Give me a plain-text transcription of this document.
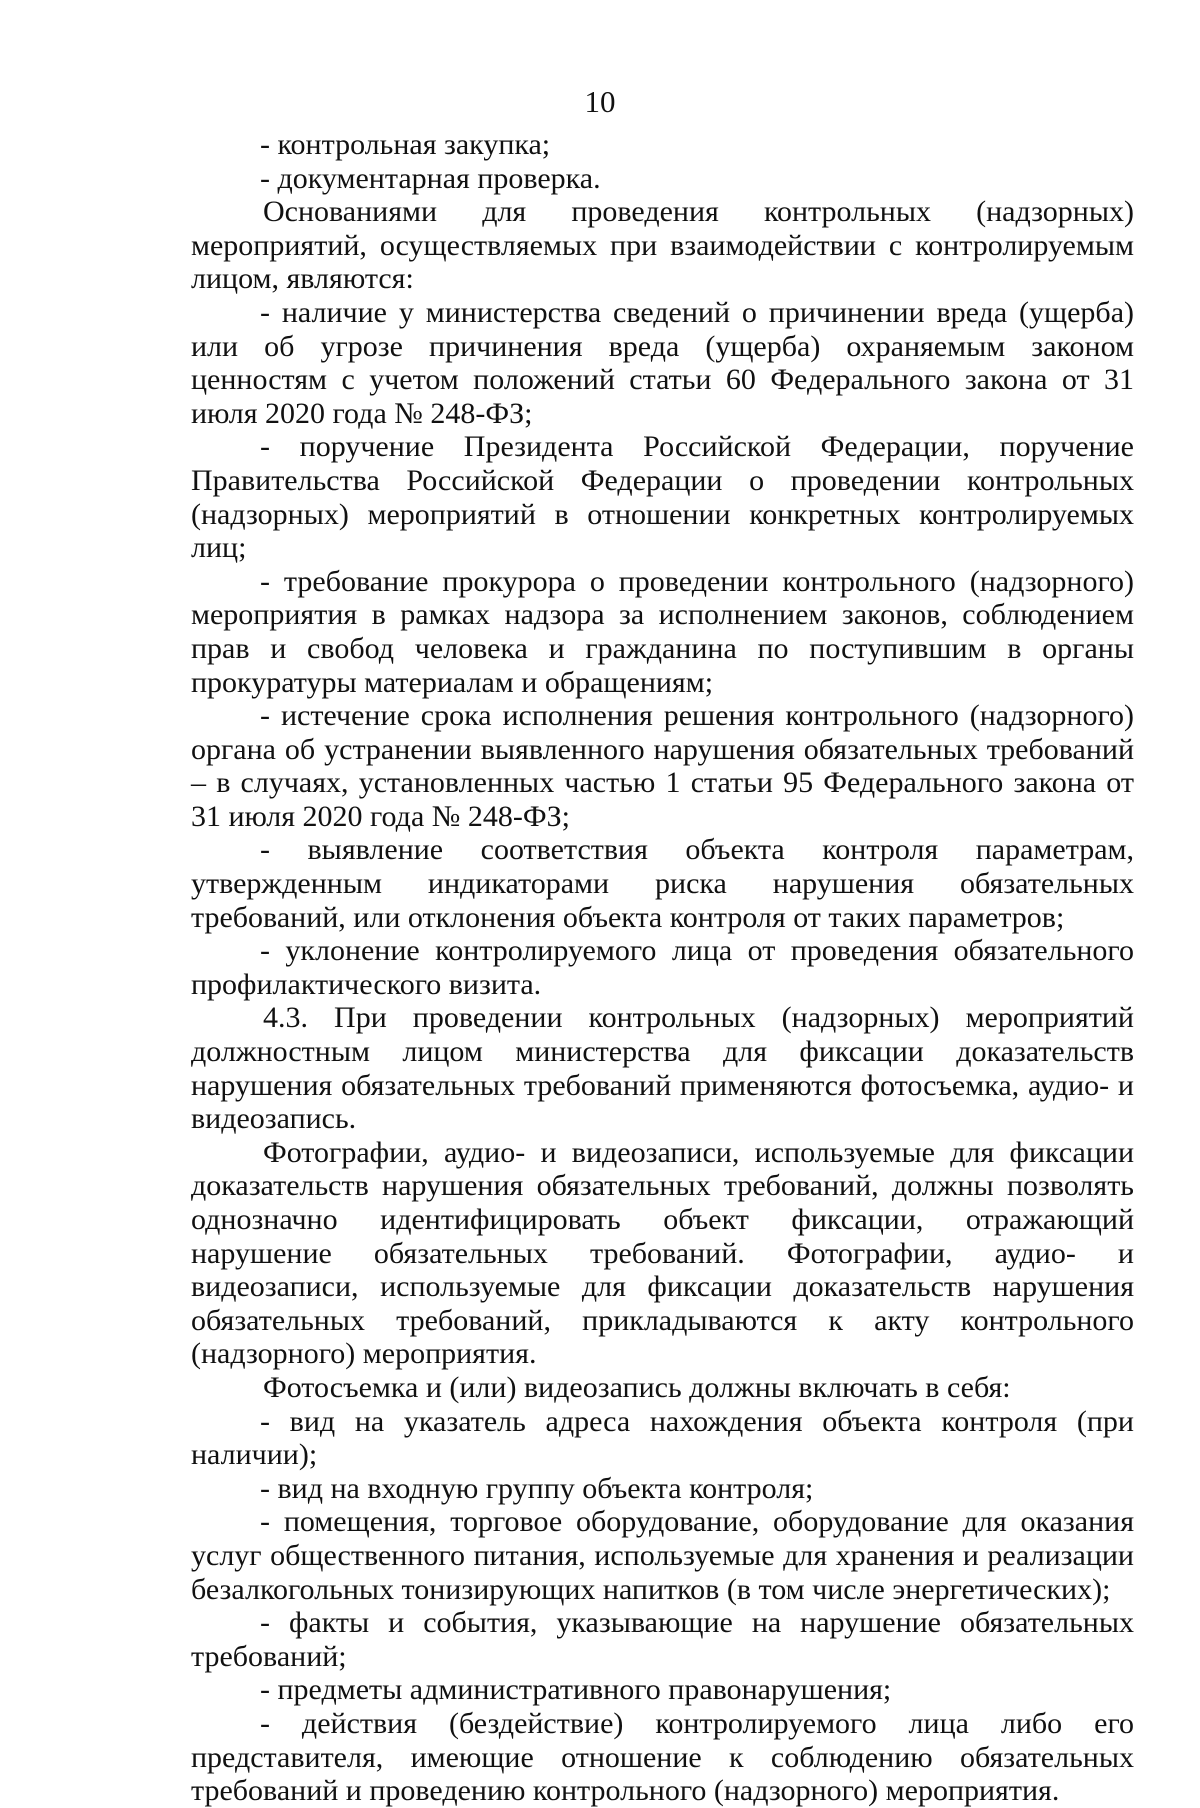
10

- контрольная закупка;

- документарная проверка.

Основаниями для проведения контрольных (надзорных) мероприятий, осуществляемых при взаимодействии с контролируемым лицом, являются:

- наличие у министерства сведений о причинении вреда (ущерба) или об угрозе причинения вреда (ущерба) охраняемым законом ценностям с учетом положений статьи 60 Федерального закона от 31 июля 2020 года № 248-ФЗ;

- поручение Президента Российской Федерации, поручение Правительства Российской Федерации о проведении контрольных (надзорных) мероприятий в отношении конкретных контролируемых лиц;

- требование прокурора о проведении контрольного (надзорного) мероприятия в рамках надзора за исполнением законов, соблюдением прав и свобод человека и гражданина по поступившим в органы прокуратуры материалам и обращениям;

- истечение срока исполнения решения контрольного (надзорного) органа об устранении выявленного нарушения обязательных требований – в случаях, установленных частью 1 статьи 95 Федерального закона от 31 июля 2020 года № 248-ФЗ;

- выявление соответствия объекта контроля параметрам, утвержденным индикаторами риска нарушения обязательных требований, или отклонения объекта контроля от таких параметров;

- уклонение контролируемого лица от проведения обязательного профилактического визита.

4.3. При проведении контрольных (надзорных) мероприятий должностным лицом министерства для фиксации доказательств нарушения обязательных требований применяются фотосъемка, аудио- и видеозапись.

Фотографии, аудио- и видеозаписи, используемые для фиксации доказательств нарушения обязательных требований, должны позволять однозначно идентифицировать объект фиксации, отражающий нарушение обязательных требований. Фотографии, аудио- и видеозаписи, используемые для фиксации доказательств нарушения обязательных требований, прикладываются к акту контрольного (надзорного) мероприятия.

Фотосъемка и (или) видеозапись должны включать в себя:

- вид на указатель адреса нахождения объекта контроля (при наличии);

- вид на входную группу объекта контроля;

- помещения, торговое оборудование, оборудование для оказания услуг общественного питания, используемые для хранения и реализации безалкогольных тонизирующих напитков (в том числе энергетических);

- факты и события, указывающие на нарушение обязательных требований;

- предметы административного правонарушения;

- действия (бездействие) контролируемого лица либо его представителя, имеющие отношение к соблюдению обязательных требований и проведению контрольного (надзорного) мероприятия.
